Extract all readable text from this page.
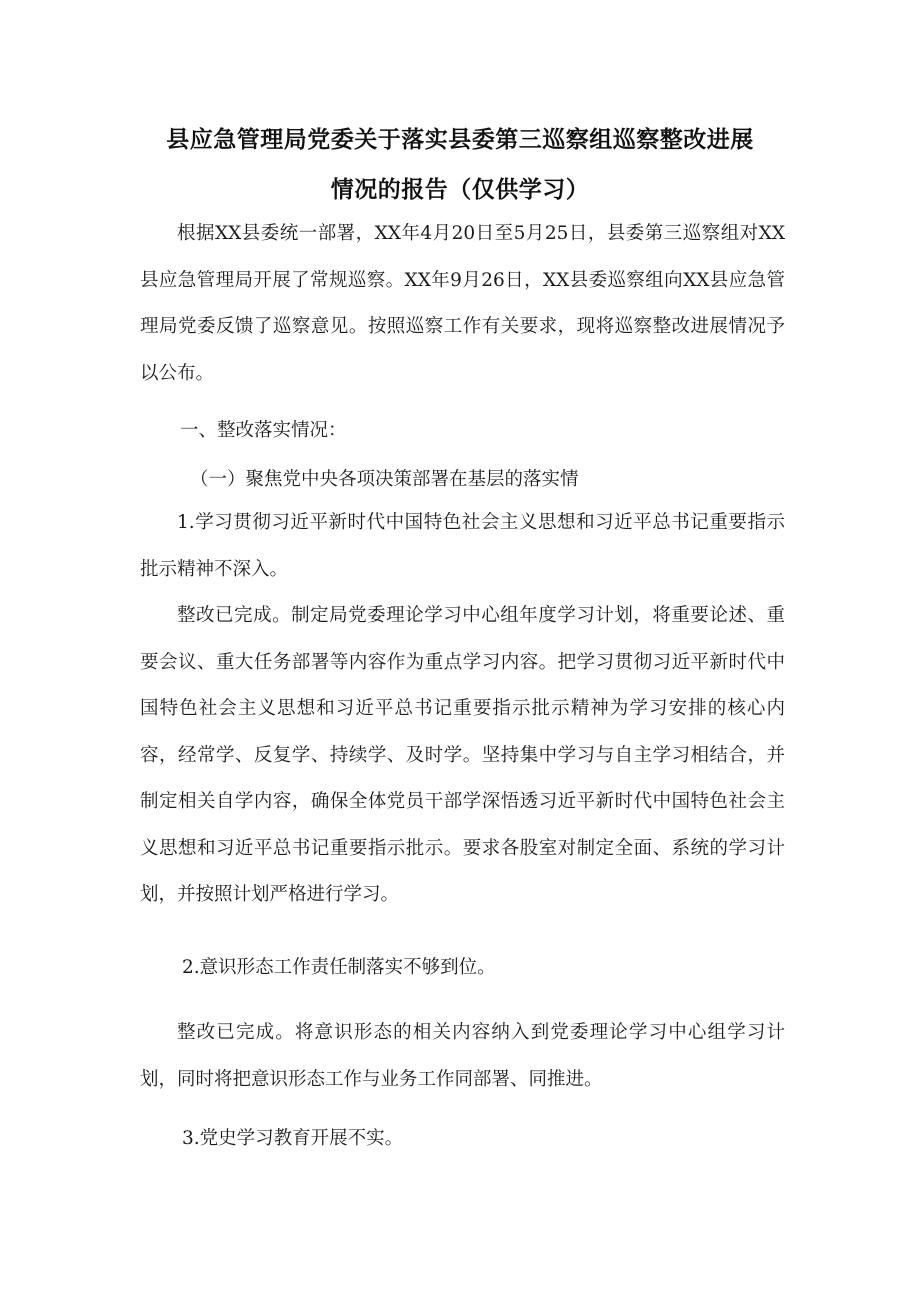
县应急管理局党委关于落实县委第三巡察组巡察整改进展
情况的报告（仅供学习）

根据XX县委统一部署，XX年4月20日至5月25日，县委第三巡察组对XX县应急管理局开展了常规巡察。XX年9月26日，XX县委巡察组向XX县应急管理局党委反馈了巡察意见。按照巡察工作有关要求，现将巡察整改进展情况予以公布。

一、整改落实情况：

（一）聚焦党中央各项决策部署在基层的落实情

1.学习贯彻习近平新时代中国特色社会主义思想和习近平总书记重要指示批示精神不深入。

整改已完成。制定局党委理论学习中心组年度学习计划，将重要论述、重要会议、重大任务部署等内容作为重点学习内容。把学习贯彻习近平新时代中国特色社会主义思想和习近平总书记重要指示批示精神为学习安排的核心内容，经常学、反复学、持续学、及时学。坚持集中学习与自主学习相结合，并制定相关自学内容，确保全体党员干部学深悟透习近平新时代中国特色社会主义思想和习近平总书记重要指示批示。要求各股室对制定全面、系统的学习计划，并按照计划严格进行学习。

2.意识形态工作责任制落实不够到位。

整改已完成。将意识形态的相关内容纳入到党委理论学习中心组学习计划，同时将把意识形态工作与业务工作同部署、同推进。

3.党史学习教育开展不实。
